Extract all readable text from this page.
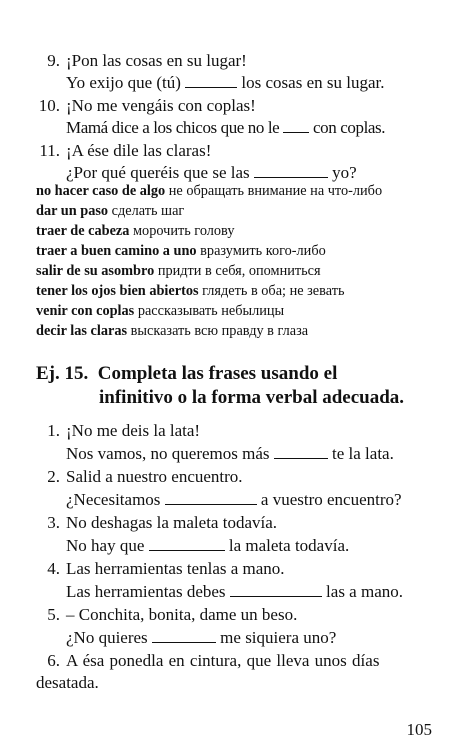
9. ¡Pon las cosas en su lugar!
Yo exijo que (tú)	los cosas en su lugar.
10. ¡No me vengáis con coplas!
Mamá dice a los chicos que no le  con coplas.
11. ¡A ése dile las claras!
¿Por qué queréis que se las	yo?
no hacer caso de algo не обращать внимание на что-либо
dar un paso сделать шаг
traer de cabeza морочить голову
traer a buen camino a uno вразумить кого-либо
salir de su asombro придти в себя, опомниться
tener los ojos bien abiertos глядеть в оба; не зевать
venir con coplas рассказывать небылицы
decir las claras высказать всю правду в глаза
Ej. 15. Completa las frases usando el
infinitivo o la forma verbal adecuada.
1. ¡No me deis la lata!
Nos vamos, no queremos más	te la lata.
2. Salid a nuestro encuentro.
¿Necesitamos	a vuestro encuentro?
3. No deshagas la maleta todavía.
No hay que	la maleta todavía.
4. Las herramientas tenlas a mano.
Las herramientas debes	las a mano.
5. – Conchita, bonita, dame un beso.
¿No quieres	me siquiera uno?
6. A ésa ponedla en cintura, que lleva unos días
desatada.
105
